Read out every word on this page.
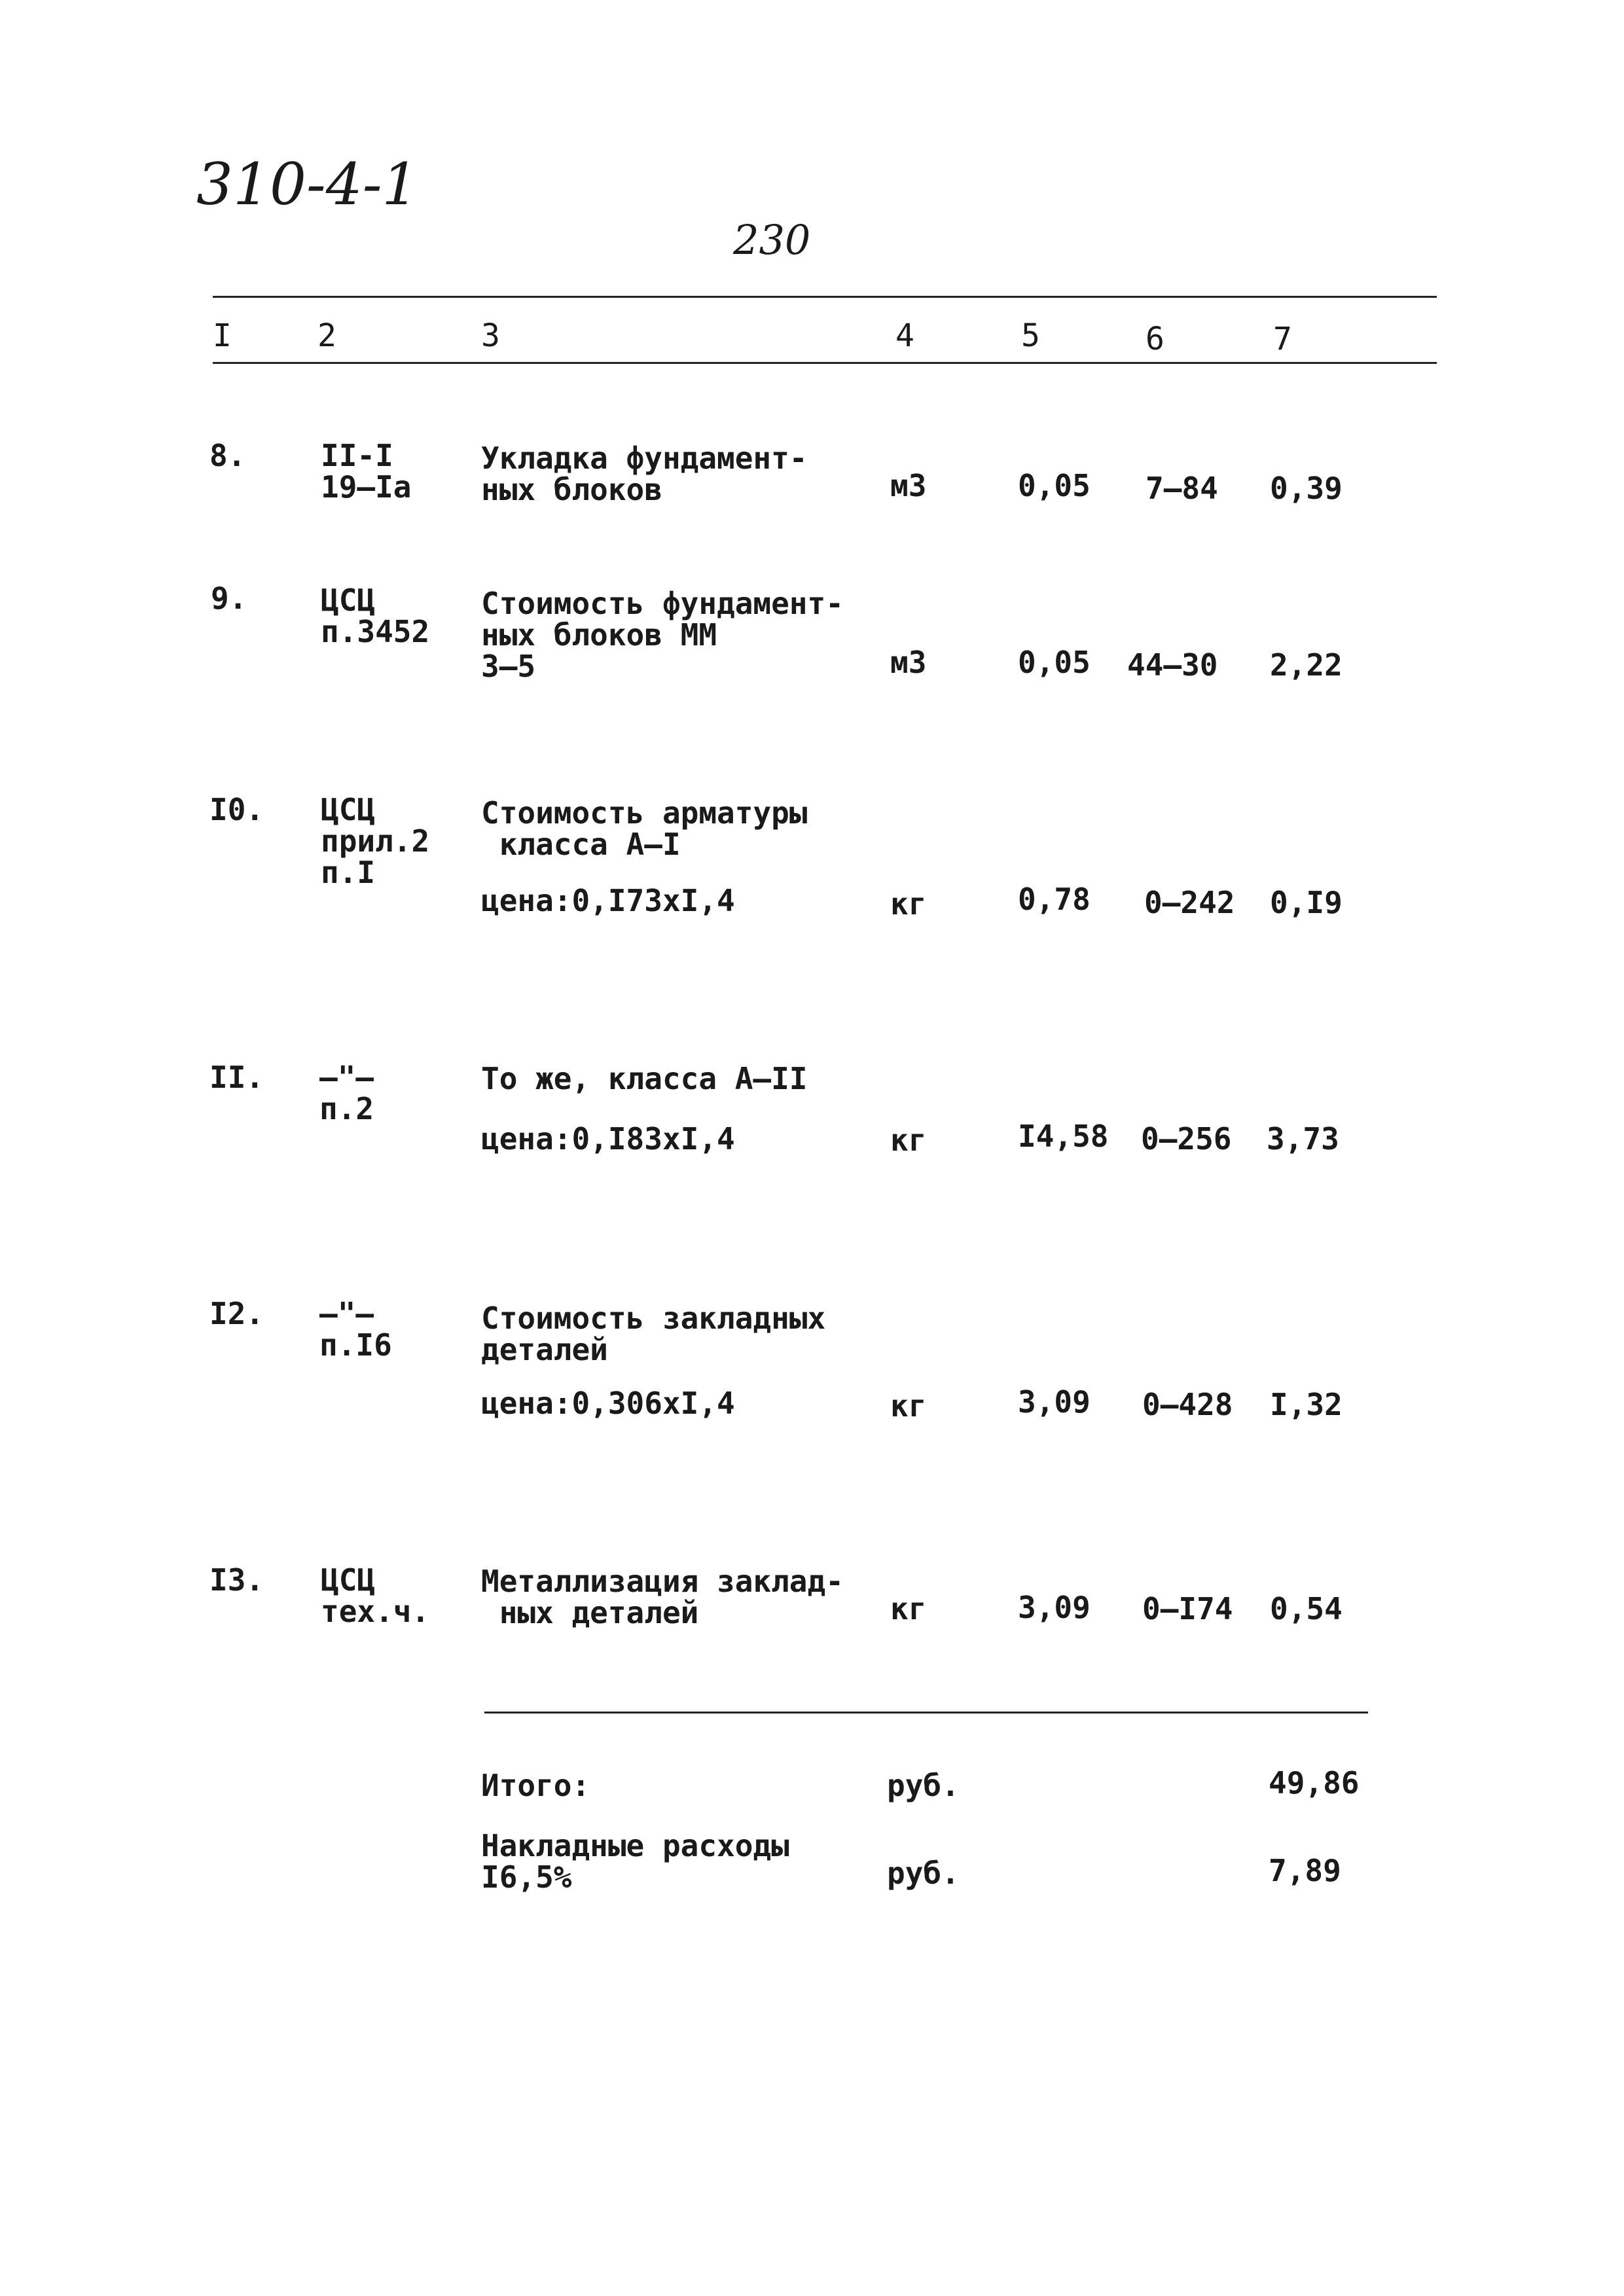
310-4-1
230
I	2	3	4	5	6	7
8. II-I
19–Ia
Укладка фундамент-
ных блоков	м3	0,05 7–84 0,39
9. ЦСЦ
п.3452
Стоимость фундамент-
ных блоков ММ
3–5	м3	0,05 44–30 2,22
I0. ЦСЦ
прил.2
п.I
Стоимость арматуры
класса А–I
цена:0,I73xI,4	кг	0,78 0–242 0,I9
II. –"–
п.2
То же, класса А–II
цена:0,I83xI,4	кг	I4,58 0–256 3,73
I2. –"–
п.I6
Стоимость закладных
деталей
цена:0,306xI,4	кг	3,09 0–428 I,32
I3. ЦСЦ
тех.ч.
Металлизация заклад-
ных деталей	кг	3,09 0–I74 0,54
Итого:	руб.	49,86
Накладные расходы
I6,5%	руб.	7,89
